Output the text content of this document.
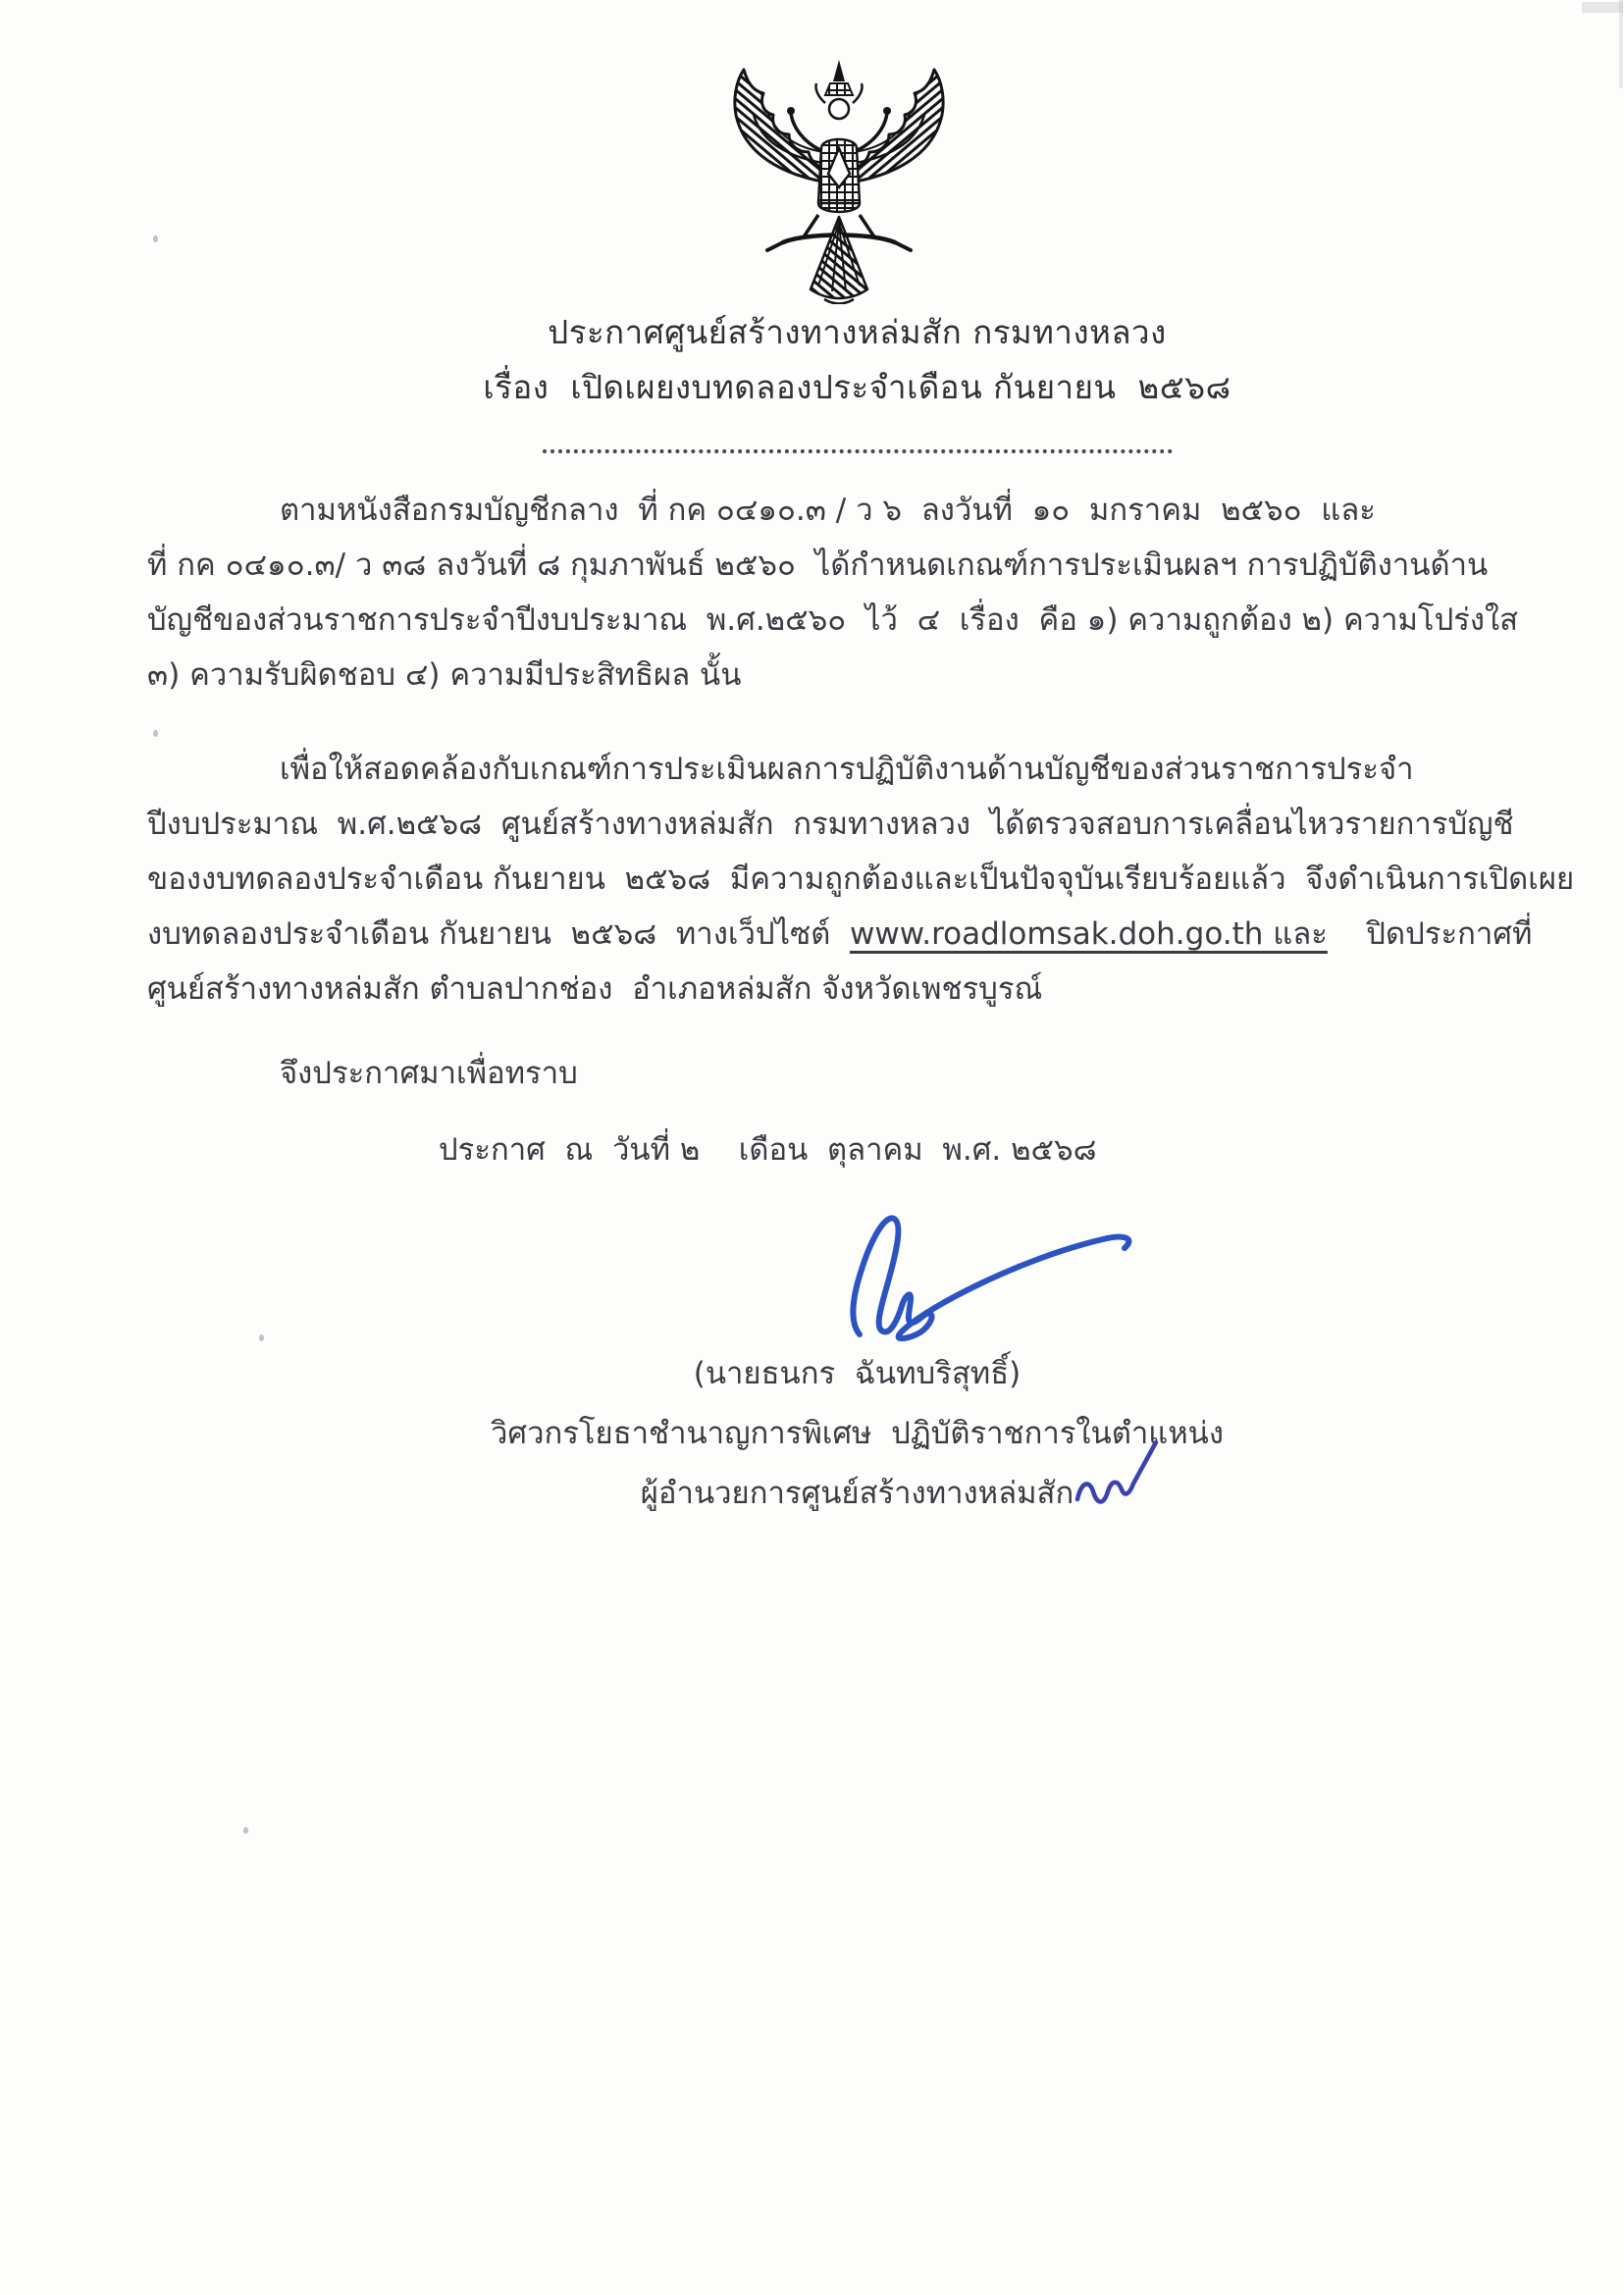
ประกาศศูนย์สร้างทางหล่มสัก กรมทางหลวง
เรื่อง  เปิดเผยงบทดลองประจำเดือน กันยายน  ๒๕๖๘
ตามหนังสือกรมบัญชีกลาง  ที่ กค ๐๔๑๐.๓ / ว ๖  ลงวันที่  ๑๐  มกราคม  ๒๕๖๐  และ
ที่ กค ๐๔๑๐.๓/ ว ๓๘ ลงวันที่ ๘ กุมภาพันธ์ ๒๕๖๐  ได้กำหนดเกณฑ์การประเมินผลฯ การปฏิบัติงานด้าน
บัญชีของส่วนราชการประจำปีงบประมาณ  พ.ศ.๒๕๖๐  ไว้  ๔  เรื่อง  คือ ๑) ความถูกต้อง ๒) ความโปร่งใส
๓) ความรับผิดชอบ ๔) ความมีประสิทธิผล นั้น
เพื่อให้สอดคล้องกับเกณฑ์การประเมินผลการปฏิบัติงานด้านบัญชีของส่วนราชการประจำ
ปีงบประมาณ  พ.ศ.๒๕๖๘  ศูนย์สร้างทางหล่มสัก  กรมทางหลวง  ได้ตรวจสอบการเคลื่อนไหวรายการบัญชี
ของงบทดลองประจำเดือน กันยายน  ๒๕๖๘  มีความถูกต้องและเป็นปัจจุบันเรียบร้อยแล้ว  จึงดำเนินการเปิดเผย
งบทดลองประจำเดือน กันยายน  ๒๕๖๘  ทางเว็ปไซต์  www.roadlomsak.doh.go.th และ    ปิดประกาศที่
ศูนย์สร้างทางหล่มสัก ตำบลปากช่อง  อำเภอหล่มสัก จังหวัดเพชรบูรณ์
จึงประกาศมาเพื่อทราบ
ประกาศ  ณ  วันที่ ๒    เดือน  ตุลาคม  พ.ศ. ๒๕๖๘
(นายธนกร  ฉันทบริสุทธิ์)
วิศวกรโยธาชำนาญการพิเศษ  ปฏิบัติราชการในตำแหน่ง
ผู้อำนวยการศูนย์สร้างทางหล่มสัก
